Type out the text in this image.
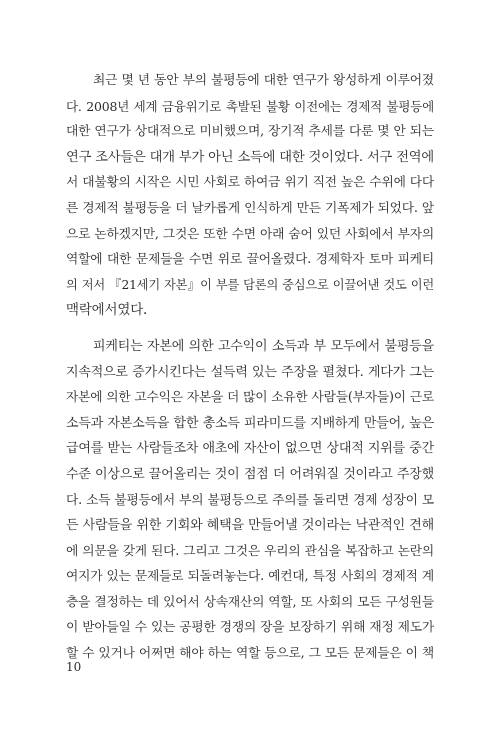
최근 몇 년 동안 부의 불평등에 대한 연구가 왕성하게 이루어졌
다. 2008년 세계 금융위기로 촉발된 불황 이전에는 경제적 불평등에
대한 연구가 상대적으로 미비했으며, 장기적 추세를 다룬 몇 안 되는
연구 조사들은 대개 부가 아닌 소득에 대한 것이었다. 서구 전역에
서 대불황의 시작은 시민 사회로 하여금 위기 직전 높은 수위에 다다
른 경제적 불평등을 더 날카롭게 인식하게 만든 기폭제가 되었다. 앞
으로 논하겠지만, 그것은 또한 수면 아래 숨어 있던 사회에서 부자의
역할에 대한 문제들을 수면 위로 끌어올렸다. 경제학자 토마 피케티
의 저서 『21세기 자본』이 부를 담론의 중심으로 이끌어낸 것도 이런
맥락에서였다.
피케티는 자본에 의한 고수익이 소득과 부 모두에서 불평등을
지속적으로 증가시킨다는 설득력 있는 주장을 펼쳤다. 게다가 그는
자본에 의한 고수익은 자본을 더 많이 소유한 사람들(부자들)이 근로
소득과 자본소득을 합한 총소득 피라미드를 지배하게 만들어, 높은
급여를 받는 사람들조차 애초에 자산이 없으면 상대적 지위를 중간
수준 이상으로 끌어올리는 것이 점점 더 어려워질 것이라고 주장했
다. 소득 불평등에서 부의 불평등으로 주의를 돌리면 경제 성장이 모
든 사람들을 위한 기회와 혜택을 만들어낼 것이라는 낙관적인 견해
에 의문을 갖게 된다. 그리고 그것은 우리의 관심을 복잡하고 논란의
여지가 있는 문제들로 되돌려놓는다. 예컨대, 특정 사회의 경제적 계
층을 결정하는 데 있어서 상속재산의 역할, 또 사회의 모든 구성원들
이 받아들일 수 있는 공평한 경쟁의 장을 보장하기 위해 재정 제도가
할 수 있거나 어쩌면 해야 하는 역할 등으로, 그 모든 문제들은 이 책
10
